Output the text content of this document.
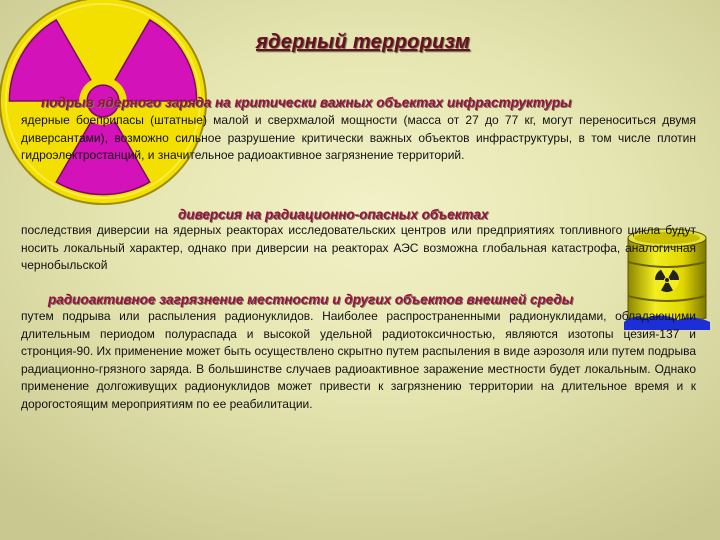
ядерный терроризм
подрыв ядерного заряда на критически важных объектах инфраструктуры
ядерные боеприпасы (штатные) малой и сверхмалой мощности (масса от 27 до 77 кг, могут переноситься двумя диверсантами), возможно сильное разрушение критически важных объектов инфраструктуры, в том числе плотин гидроэлектростанций, и значительное радиоактивное загрязнение территорий.
диверсия на радиационно-опасных объектах
последствия диверсии на ядерных реакторах исследовательских центров или предприятиях топливного цикла будут носить локальный характер, однако при диверсии на реакторах АЭС возможна глобальная катастрофа, аналогичная чернобыльской
радиоактивное загрязнение местности и других объектов внешней среды
путем подрыва или распыления радионуклидов. Наиболее распространенными радионуклидами, обладающими длительным периодом полураспада и высокой удельной радиотоксичностью, являются изотопы цезия-137 и стронция-90. Их применение может быть осуществлено скрытно путем распыления в виде аэрозоля или путем подрыва радиационно-грязного заряда. В большинстве случаев радиоактивное заражение местности будет локальным. Однако применение долгоживущих радионуклидов может привести к загрязнению территории на длительное время и к дорогостоящим мероприятиям по ее реабилитации.
